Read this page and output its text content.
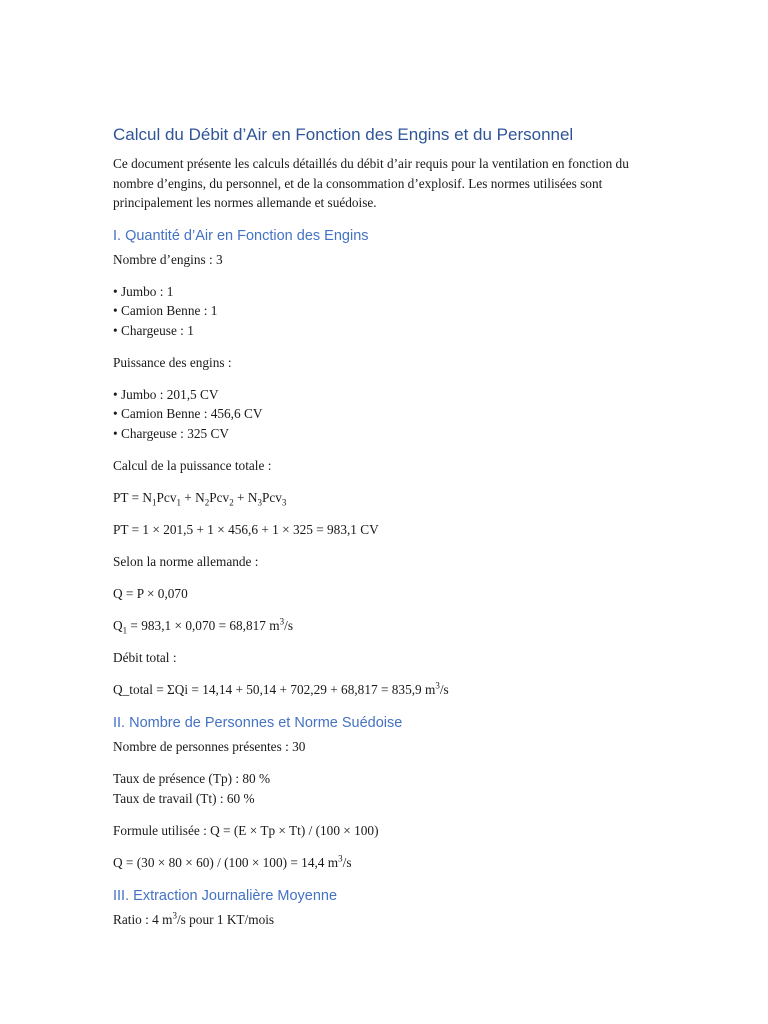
Calcul du Débit d’Air en Fonction des Engins et du Personnel

Ce document présente les calculs détaillés du débit d’air requis pour la ventilation en fonction du nombre d’engins, du personnel, et de la consommation d’explosif. Les normes utilisées sont principalement les normes allemande et suédoise.

I. Quantité d’Air en Fonction des Engins

Nombre d’engins : 3

• Jumbo : 1
• Camion Benne : 1
• Chargeuse : 1

Puissance des engins :

• Jumbo : 201,5 CV
• Camion Benne : 456,6 CV
• Chargeuse : 325 CV

Calcul de la puissance totale :

PT = $N_1Pcv_1 + N_2Pcv_2 + N_3Pcv_3$

PT = 1 × 201,5 + 1 × 456,6 + 1 × 325 = 983,1 CV

Selon la norme allemande :

Q = P × 0,070

$Q_1 = 983,1 \times 0,070 = 68,817$ $m^3/s$

Débit total :

Q_total = ΣQi = 14,14 + 50,14 + 702,29 + 68,817 = 835,9 $m^3/s$

II. Nombre de Personnes et Norme Suédoise

Nombre de personnes présentes : 30

Taux de présence (Tp) : 80 %
Taux de travail (Tt) : 60 %

Formule utilisée : Q = (E × Tp × Tt) / (100 × 100)

Q = (30 × 80 × 60) / (100 × 100) = 14,4 $m^3/s$

III. Extraction Journalière Moyenne

Ratio : 4 $m^3/s$ pour 1 KT/mois
